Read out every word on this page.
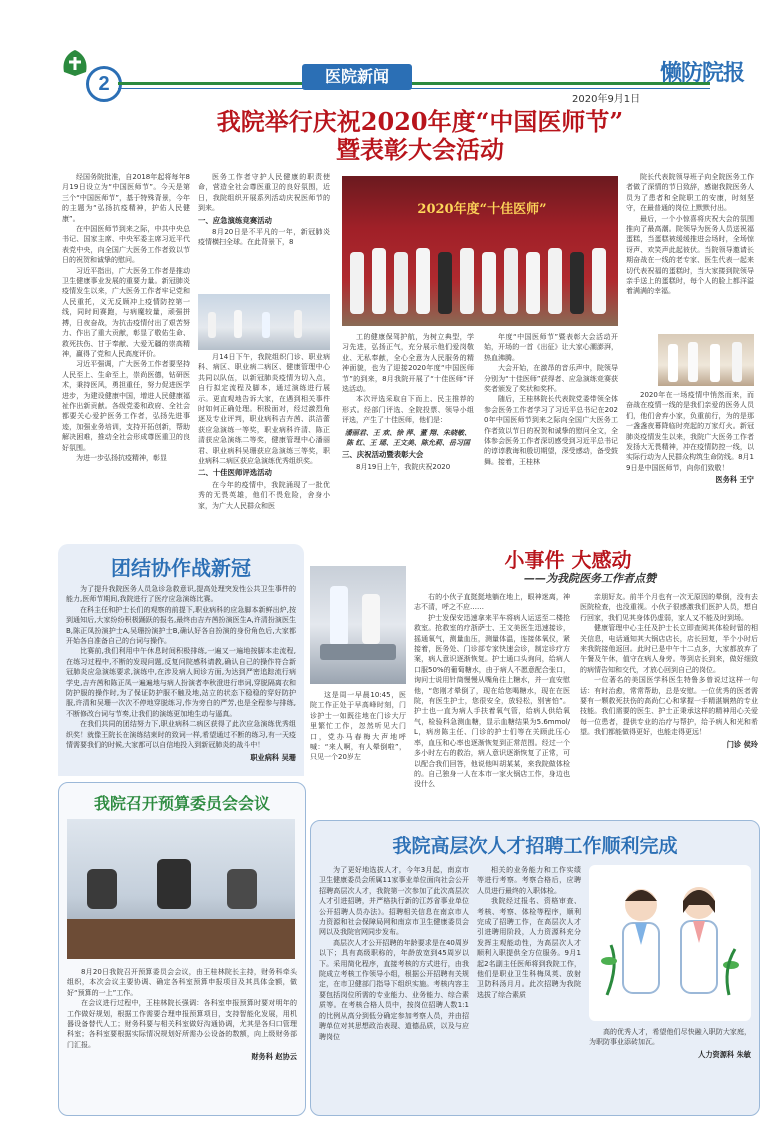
2	医院新闻	懒防院报
2020年9月1日
我院举行庆祝2020年度“中国医师节”
暨表彰大会活动

经国务院批准，自2018年起将每年8月19日设立为“中国医师节”。今天是第三个“中国医师节”，基于特殊背景，今年的主题为“弘扬抗疫精神，护佑人民健康”。

在中国医师节到来之际，中共中央总书记、国家主席、中央军委主席习近平代表党中央，向全国广大医务工作者致以节日的祝贺和诚挚的慰问。

习近平指出，广大医务工作者是推动卫生健康事业发展的重要力量。新冠肺炎疫情发生以来，广大医务工作者牢记党和人民重托，义无反顾冲上疫情防控第一线，同时间赛跑，与病魔较量，顽强拼搏，日夜奋战，为抗击疫情付出了艰苦努力、作出了重大贡献，彰显了敬佑生命、救死扶伤、甘于奉献、大爱无疆的崇高精神，赢得了党和人民高度评价。

习近平强调，广大医务工作者要坚持人民至上、生命至上，崇尚医德，钻研医术，秉持医风，勇担重任，努力促进医学进步，为建设健康中国，增进人民健康福祉作出新贡献。各级党委和政府、全社会都要关心爱护医务工作者，弘扬先进事迹，加强业务培训，支持开拓创新，帮助解决困难，推动全社会形成尊医重卫的良好氛围。

为进一步弘扬抗疫精神，彰显

医务工作者守护人民健康的职责使命，营造全社会尊医重卫的良好氛围，近日，我院组织开展系列活动庆祝医师节的到来。

一、应急演练竞赛活动

8月20日是不平凡的一年，新冠肺炎疫情横扫全球。在此背景下，8

月14日下午，我院组织门诊、职业病科、病区、职业病二病区、健康管理中心共同以队伍，以新冠肺炎疫情为切入点，自行拟定流程及脚本，通过演练进行展示。更直观地告诉大家，在遇到相关事件时如何正确处理。积极面对，经过激烈角逐及专业评判，职业病科吉卉茜、洪洁蕾获应急演练一等奖，职业病科许清、陈正清获应急演练二等奖，健康管理中心潘丽君、职业病科吴珊获应急演练三等奖，职业病科二病区获应急演练优秀组织奖。

二、十佳医师评选活动

在今年的疫情中，我院涌现了一批优秀的无畏英雄，他们不畏危险，舍身小家，为广大人民群众和医

2020年度“十佳医师”

工的健康保驾护航，为树立典型，学习先进，弘扬正气，充分展示他们爱岗敬业、无私奉献，全心全意为人民服务的精神面貌，也为了迎接2020年度“中国医师节”的到来，8月我院开展了“十佳医师”评选活动。

本次评选采取自下而上、民主推荐的形式。经部门评选、全院投票、领导小组评选，产生了十佳医师，他们是：

潘丽君、王 欢、徐 萍、董 翔、朱晓敏、陈 红、王 瑶、王文美、陈允莉、岳习国
三、庆祝活动暨表彰大会

8月19日上午，我院庆祝2020

年度“中国医师节”暨表彰大会活动开始，开场的一首《出征》让大家心潮澎湃，热血沸腾。

大会开始，在激昂的音乐声中，院领导分别为“十佳医师”获得者、应急演练竞赛获奖者颁发了奖状和奖杯。

随后，王桂林院长代表院党委带领全体参会医务工作者学习了习近平总书记在2020年中国医师节到来之际向全国广大医务工作者致以节日的祝贺和诚挚的慰问全文，全体参会医务工作者深切感受到习近平总书记的谆谆教诲和殷切期望，深受感动，备受鼓舞。接着，王桂林

院长代表院领导班子向全院医务工作者做了深情的节日致辞，感谢我院医务人员为了患者和全院职工的安康，时刻坚守，在最普通的岗位上默默付出。

最后，一个小惊喜将庆祝大会的氛围推向了最高潮。院领导为医务人员送祝福蛋糕，当蛋糕被缓缓推进会场时，全场惊讶声、欢笑声此起彼伏。当院领导邀请长期奋战在一线的老专家、医生代表一起来切代表祝福的蛋糕时，当大家搂到院领导亲手送上的蛋糕时，每个人的脸上都洋溢着满满的幸福。

2020年在一场疫情中悄然而来，而奋战在疫情一线的是我们亲爱的医务人员们，他们舍弃小家，负重前行，为的是那一盏盏夜幕降临时亮起的万家灯火。新冠肺炎疫情发生以来，我院广大医务工作者发扬大无畏精神，冲在疫情防控一线，以实际行动为人民群众构筑生命防线。8月19日是中国医师节，向你们致敬！

医务科 王宁
团结协作战新冠

为了提升我院医务人员急诊急救意识,提高处理突发性公共卫生事件的能力,医师节期间,我院进行了医疗应急演练比赛。

在科主任和护士长们的观察的前提下,职业病科的应急脚本新鲜出炉,按到通知后,大家纷纷积极踊跃的报名,最终由吉卉茜扮演医生A,许清扮演医生B,陈正凤扮演护士A,吴珊扮演护士B,确认好各自扮演的身份角色后,大家都开始各自准备自己的台词与操作。

比赛前,我们利用中午休息时间积极排练,一遍又一遍地按脚本走流程,在练习过程中,不断的发现问题,反复问院感科请教,确认自己的操作符合新冠肺炎应急演练要求,演练中,在涉及病人间诊方面,为达到严密追踪流行病学史,吉卉茜和陈正凤一遍遍地与病人扮演者李秋澄进行串词,穿脱隔离衣和防护服的操作时,为了保证防护服不触及地,站立的状态下稳稳的穿好防护服,许清和吴珊一次次不停地穿脱练习,作为旁白的严芳,也是全程参与排练,不断修改台词与节奏,让我们的演练更加地生动与逼真。

在我们共同的团结努力下,职业病科二病区获得了此次应急演练优秀组织奖！就像王院长在演练结束时的致词一样,希望通过不断的练习,有一天疫情需要我们的时候,大家都可以自信地投入到新冠肺炎的战斗中！

职业病科 吴珊
小事件 大感动
——为我院医务工作者点赞

这是周一早晨10:45，医院工作正处于早高峰时刻，门诊护士一如既往地在门诊大厅里繁忙工作，忽然听见大门口，党办马春梅大声地呼喊：“来人啊，有人晕倒啦”，只见一个20岁左

右的小伙子直挺挺地躺在地上，眼神迷离，神志不清，呼之不应……

护士发保安迅速拿来平车将病人运送至二楼抢救室。抢救室的疗浙萨士、王文美医生迅速接诊，摇通氧气，测量血压，测量体温，连接体氧仪，紧接着，医务处、门诊部专家快速会诊，制定诊疗方案，病人意识逐渐恢复。护士通口头询问，给病人口服50%的葡萄糖水，由于病人不愿意配合张口，询问士说用针筒慢慢从嘴角往上糖水，并一直安慰他，“您刚才晕倒了，现在给您喝糖水，现在在医院，有医生护士，您很安全，放轻松，别害怕”。护士也一直为病人手扶着氧气管，给病人供给氧气，检验科急测血糖，显示血糖结果为5.6mmol/L，病房陈主任、门诊的护士们等在关顾此压心率，血压和心率也逐渐恢复到正常范围。经过一个多小时左右的救治，病人意识逐渐恢复了正常，可以配合我们回答，他说他叫胡某某，来我院做体检的。自己独身一人在本市一家火锅店工作，身边也没什么

亲朋好友。前半个月也有一次无原因的晕倒，没有去医院检查，也没重视。小伙子很感激我们医护人员，想自行回家，我们见其身体仍虚弱，家人又不能及时到场。

健康管理中心主任及护士长立即查阅其体检时留的相关信息，电话通知其大锅店店长，店长回复，半个小时后来我院接他返回。此时已是中午十二点多，大家都放弃了午餐及午休，值守在病人身旁。等到店长到来，做好细致的病情告知和交代，才放心回到自己的岗位。

一位著名的美国医学科医生特鲁多曾说过这样一句话：有时治愈，常常帮助，总是安慰。一位优秀的医者需要有一颗救死扶伤的高尚仁心和掌握一手精湛娴熟的专业技能。我们需要的医生、护士正秉承这样的精神用心关爱每一位患者，提供专业的治疗与帮护，给予病人和光和希望。我们都能做得更好，也能走得更远！

门诊 侯玲
我院召开预算委员会会议

8月20日我院召开预算委员会会议，由王桂林院长主持，财务科牵头组织，本次会议主要协调、确定各科室预算申报项目及其具体金额，做好“预算的一上”工作。

在会议进行过程中，王桂林院长强调：各科室申报预算时要对明年的工作做好规划，根据工作需要合理申报预算项目，支持智能化发展，用机器设备替代人工；财务科要与相关科室做好沟通协调，尤其是各归口管理科室；各科室要根据实际情况规划好所需办公设备的数额，向上级财务部门汇报。

财务科 赵协云
我院高层次人才招聘工作顺利完成

为了更好地选拔人才，今年3月起，南京市卫生健康委员会所属11家事业单位面向社会公开招聘高层次人才，我院第一次参加了此次高层次人才引进招聘，并严格执行新的江苏省事业单位公开招聘人员办法》。招聘相关信息在南京市人力资源和社会保障局网和南京市卫生健康委员会网以及我院官网同步发布。

高层次人才公开招聘的年龄要求是在40周岁以下；具有高级职称的，年龄放宽到45周岁以下。采用简化程序，直接考核的方式进行，由我院成立考核工作领导小组，根据公开招聘有关规定，在市卫健部门指导下组织实施。考核内容主要包括岗位所需的专业能力、业务能力、综合素质等。在考核合格人员中，按岗位招聘人数1:1的比例从高分到低分确定参加考察人员，并由招聘单位对其思想政治表现、道德品质，以及与应聘岗位

相关的业务能力和工作实绩等进行考察。考察合格后，应聘人员进行最终的入职体检。

我院经过报名、资格审查、考核、考察、体检等程序，顺利完成了招聘工作，在高层次人才引进聘用阶段，人力资源科充分发挥主观能动性，为高层次人才顺利入职提供全方位服务。9月1起2名副主任医师将到我院工作，他们是职业卫生科梅凤英、放射卫防科汤月月。此次招聘为我院选拔了综合素质

高的优秀人才，希望他们尽快融入职防大家庭，为职防事业添砖加瓦。

人力资源科 朱敏
